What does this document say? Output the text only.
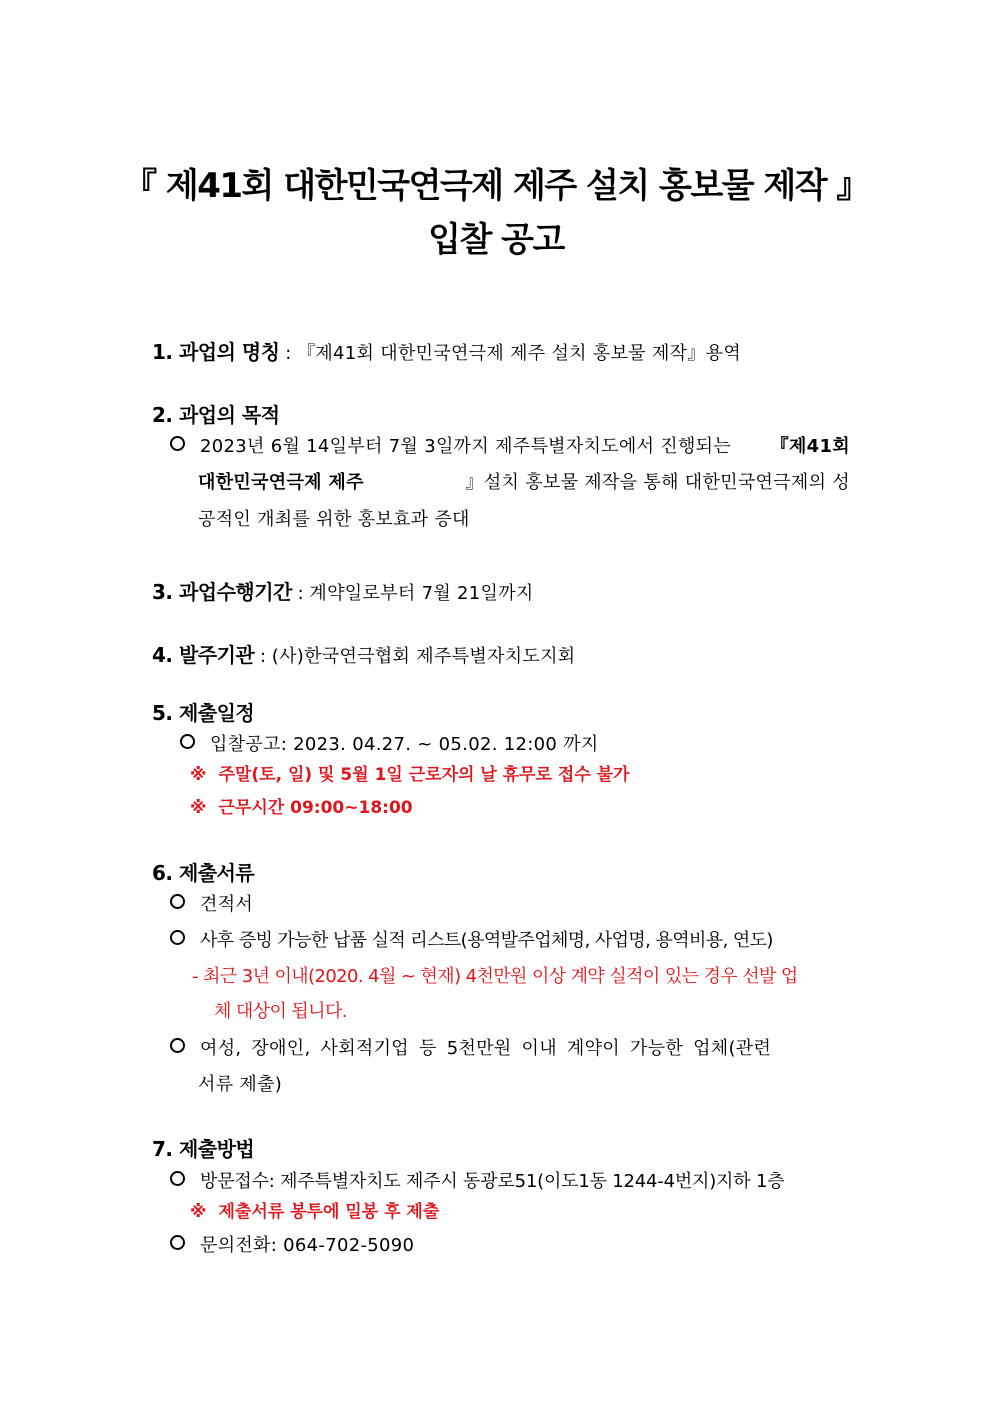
『 제41회 대한민국연극제 제주 설치 홍보물 제작 』
입찰 공고
1. 과업의 명칭 : 『제41회 대한민국연극제 제주 설치 홍보물 제작』용역
2. 과업의 목적
2023년 6월 14일부터 7월 3일까지 제주특별자치도에서 진행되는 『제41회
대한민국연극제 제주	』설치 홍보물 제작을 통해 대한민국연극제의 성
공적인 개최를 위한 홍보효과 증대
3. 과업수행기간 : 계약일로부터 7월 21일까지
4. 발주기관 : (사)한국연극협회 제주특별자치도지회
5. 제출일정
입찰공고: 2023. 04.27. ~ 05.02. 12:00 까지
※ 주말(토, 일) 및 5월 1일 근로자의 날 휴무로 접수 불가
※ 근무시간 09:00~18:00
6. 제출서류
견적서
사후 증빙 가능한 납품 실적 리스트(용역발주업체명, 사업명, 용역비용, 연도)
- 최근 3년 이내(2020. 4월 ~ 현재) 4천만원 이상 계약 실적이 있는 경우 선발 업
체 대상이 됩니다.
여성, 장애인, 사회적기업 등 5천만원 이내 계약이 가능한 업체(관련
서류 제출)
7. 제출방법
방문접수: 제주특별자치도 제주시 동광로51(이도1동 1244-4번지)지하 1층
※ 제출서류 봉투에 밀봉 후 제출
문의전화: 064-702-5090
